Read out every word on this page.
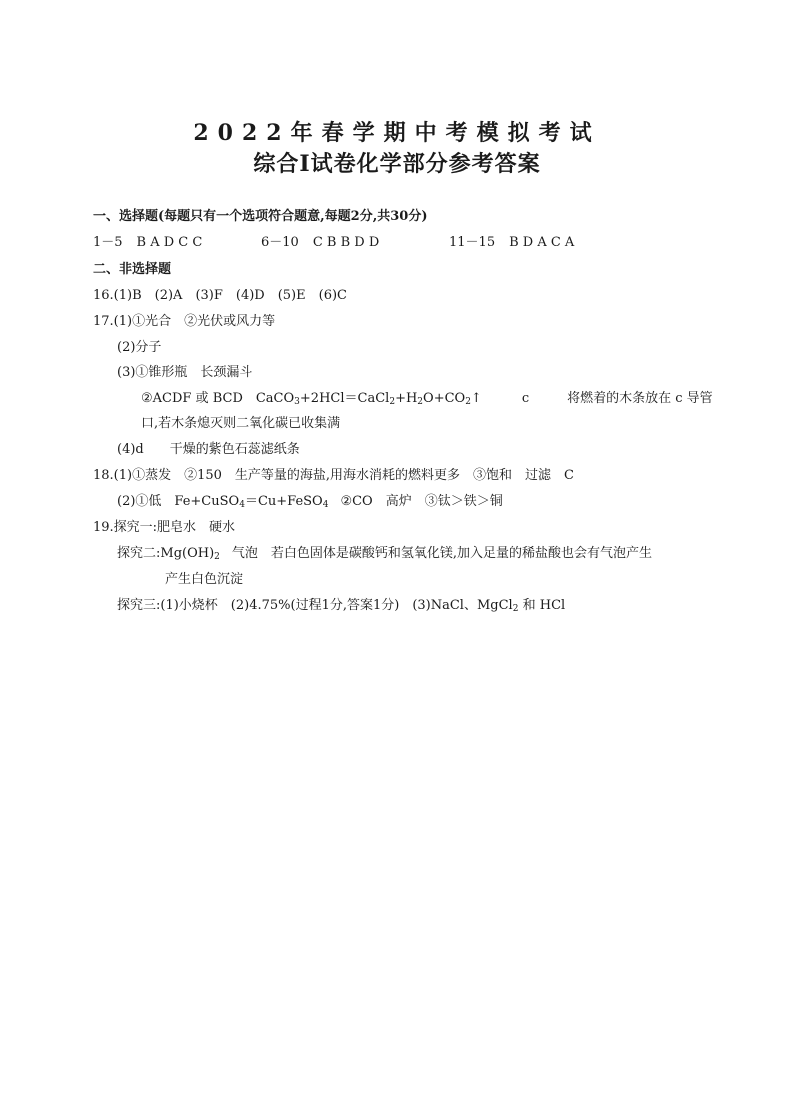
2022年春学期中考模拟考试
综合I试卷化学部分参考答案
一、选择题(每题只有一个选项符合题意,每题2分,共30分)
1－5 B A D C C	6－10 C B B D D	11－15 B D A C A
二、非选择题
16.(1)B　(2)A　(3)F　(4)D　(5)E　(6)C
17.(1)①光合　②光伏或风力等
(2)分子
(3)①锥形瓶　长颈漏斗
②ACDF 或 BCD　$CaCO_3+2HCl=CaCl_2+H_2O+CO_2↑$	c	将燃着的木条放在 c 导管
口,若木条熄灭则二氧化碳已收集满
(4)d　　干燥的紫色石蕊滤纸条
18.(1)①蒸发　②150　生产等量的海盐,用海水消耗的燃料更多　③饱和　过滤　C
(2)①低　Fe+CuSO$_4$＝Cu+FeSO$_4$ ②CO　高炉　③钛＞铁＞铜
19.探究一:肥皂水　硬水
探究二$:Mg(OH)_2$ 气泡　若白色固体是碳酸钙和氢氧化镁,加入足量的稀盐酸也会有气泡产生
产生白色沉淀
探究三:(1)小烧杯　(2)4.75%(过程1分,答案1分)　(3)NaCl、MgCl$_2$ 和 HCl
